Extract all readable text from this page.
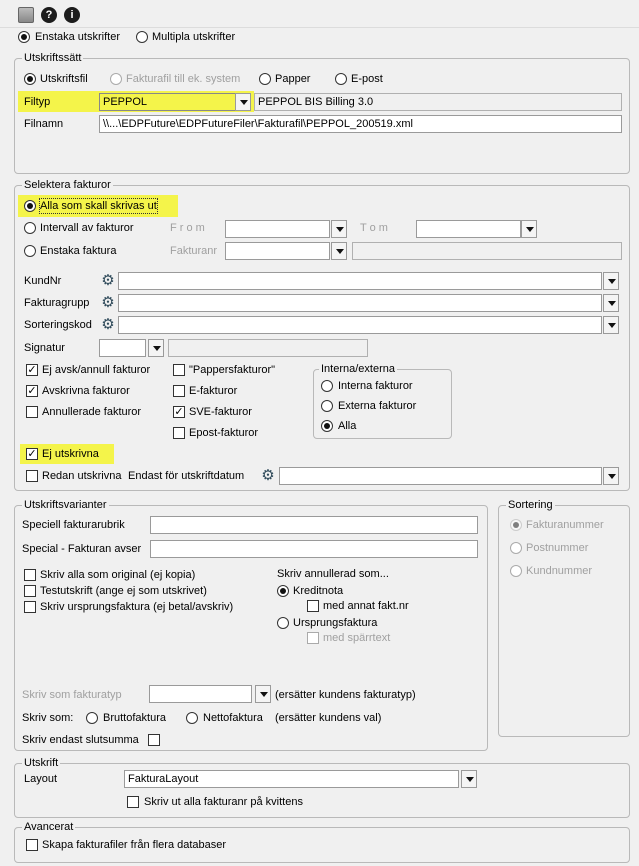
?	i
Enstaka utskrifter	Multipla utskrifter
Utskriftssätt
Utskriftsfil	Fakturafil till ek. system	Papper	E-post
Filtyp	PEPPOL	PEPPOL BIS Billing 3.0
Filnamn	\\...\EDPFuture\EDPFutureFiler\Fakturafil\PEPPOL_200519.xml
Selektera fakturor
Alla som skall skrivas ut
Intervall av fakturor	F r o m	T o m
Enstaka faktura	Fakturanr
KundNr	⚙
Fakturagrupp ⚙
Sorteringskod ⚙
Signatur
✓ Ej avsk/annull fakturor
✓ Avskrivna fakturor
Annullerade fakturor
"Pappersfakturor"
E-fakturor
✓ SVE-fakturor
Epost-fakturor
Interna/externa
Interna fakturor
Externa fakturor
Alla
✓ Ej utskrivna
Redan utskrivna Endast för utskriftdatum ⚙
Utskriftsvarianter
Speciell fakturarubrik
Special - Fakturan avser
Skriv alla som original (ej kopia)
Testutskrift (ange ej som utskrivet)
Skriv ursprungsfaktura (ej betal/avskriv)
Skriv annullerad som...
Kreditnota
med annat fakt.nr
Ursprungsfaktura
med spärrtext
Skriv som fakturatyp	(ersätter kundens fakturatyp)
Skriv som:	Bruttofaktura	Nettofaktura (ersätter kundens val)
Skriv endast slutsumma
Sortering
Fakturanummer
Postnummer
Kundnummer
Utskrift
Layout	FakturaLayout
Skriv ut alla fakturanr på kvittens
Avancerat
Skapa fakturafiler från flera databaser
